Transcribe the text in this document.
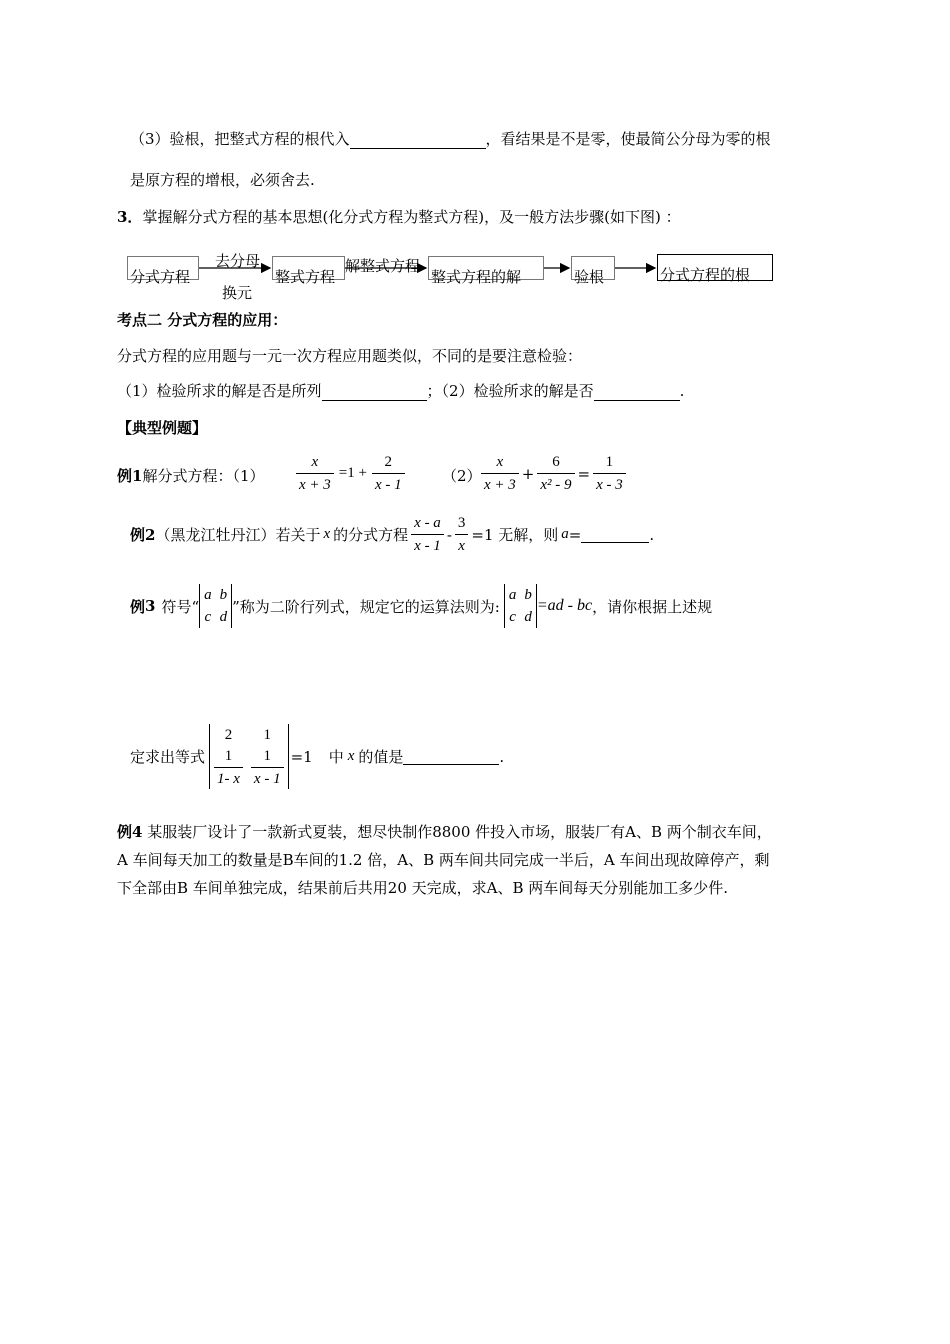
（3）验根，把整式方程的根代入	，看结果是不是零，使最简公分母为零的根
是原方程的增根，必须舍去.
3．掌握解分式方程的基本思想(化分式方程为整式方程)，及一般方法步骤(如下图) ：
分式方程
去分母
换元
整式方程
解整式方程
整式方程的解	验根	分式方程的根
考点二 分式方程的应用：
分式方程的应用题与一元一次方程应用题类似，不同的是要注意检验：
（1）检验所求的解是否是所列	；（2）检验所求的解是否	.
【典型例题】
例1解分式方程：$(1) \frac{x}{x + 3} =1 + \frac{2}{x - 1} (2) \frac{x}{x + 3} + \frac{6}{\text{x² - 9}} = \frac{1}{x - 3}$
例 2 （黑龙江牡丹江）若关于 x 的分式方程 $\frac{x - a}{x - 1} - \frac{3}{x} =1$ 无解，则 a =	.
例 3 符号“
a	b
c	d
”称为二阶行列式，规定它的运算法则为:
a	b
c	d
=ad - bc ，请你根据上述规
定求出等式
2	1

$\frac{1}{1- x}$	$\frac{1}{x - 1} =1$ 中 x 的值是	.
例4 某服装厂设计了一款新式夏装，想尽快制作8800 件投入市场，服装厂有A、B 两个制衣车间，
A 车间每天加工的数量是B车间的1.2 倍，A、B 两车间共同完成一半后，A 车间出现故障停产，剩
下全部由B 车间单独完成，结果前后共用20 天完成，求A、B 两车间每天分别能加工多少件.
